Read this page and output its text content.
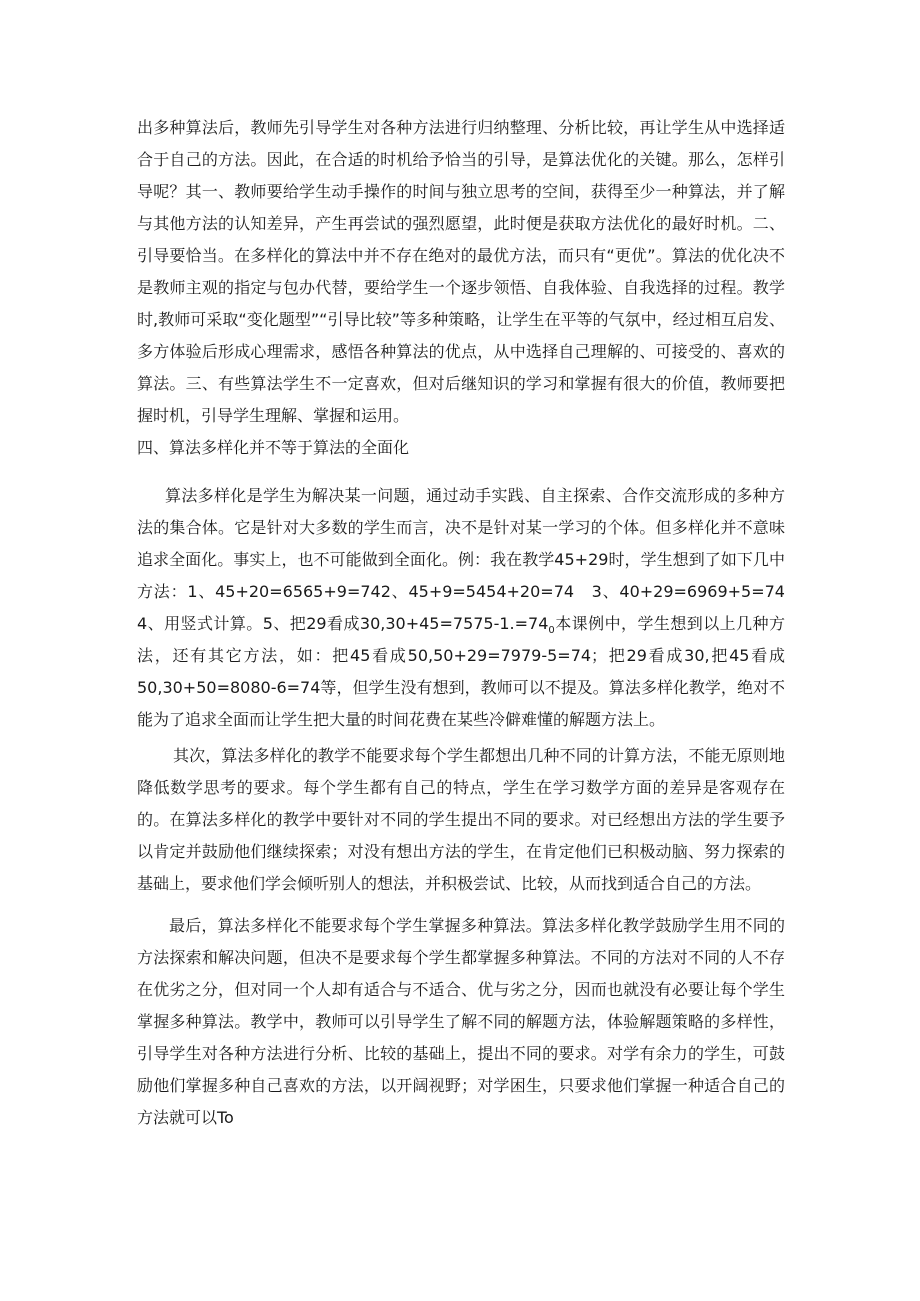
出多种算法后，教师先引导学生对各种方法进行归纳整理、分析比较，再让学生从中选择适合于自己的方法。因此，在合适的时机给予恰当的引导，是算法优化的关键。那么，怎样引导呢？其一、教师要给学生动手操作的时间与独立思考的空间，获得至少一种算法，并了解与其他方法的认知差异，产生再尝试的强烈愿望，此时便是获取方法优化的最好时机。二、引导要恰当。在多样化的算法中并不存在绝对的最优方法，而只有“更优”。算法的优化决不是教师主观的指定与包办代替，要给学生一个逐步领悟、自我体验、自我选择的过程。教学时,教师可采取“变化题型”“引导比较”等多种策略，让学生在平等的气氛中，经过相互启发、多方体验后形成心理需求，感悟各种算法的优点，从中选择自己理解的、可接受的、喜欢的算法。三、有些算法学生不一定喜欢，但对后继知识的学习和掌握有很大的价值，教师要把握时机，引导学生理解、掌握和运用。

四、算法多样化并不等于算法的全面化

算法多样化是学生为解决某一问题，通过动手实践、自主探索、合作交流形成的多种方法的集合体。它是针对大多数的学生而言，决不是针对某一学习的个体。但多样化并不意味追求全面化。事实上，也不可能做到全面化。例：我在教学45+29时，学生想到了如下几中方法：1、45+20=6565+9=742、45+9=5454+20=74　3、40+29=6969+5=74　4、用竖式计算。5、把29看成$30,30+45=7575-1.=74_0$本课例中，学生想到以上几种方法，还有其它方法，如：把45看成50,50+29=7979-5=74；把29看成30,把45看成50,30+50=8080-6=74等，但学生没有想到，教师可以不提及。算法多样化教学，绝对不能为了追求全面而让学生把大量的时间花费在某些冷僻难懂的解题方法上。

其次，算法多样化的教学不能要求每个学生都想出几种不同的计算方法，不能无原则地降低数学思考的要求。每个学生都有自己的特点，学生在学习数学方面的差异是客观存在的。在算法多样化的教学中要针对不同的学生提出不同的要求。对已经想出方法的学生要予以肯定并鼓励他们继续探索；对没有想出方法的学生，在肯定他们已积极动脑、努力探索的基础上，要求他们学会倾听别人的想法，并积极尝试、比较，从而找到适合自己的方法。

最后，算法多样化不能要求每个学生掌握多种算法。算法多样化教学鼓励学生用不同的方法探索和解决问题，但决不是要求每个学生都掌握多种算法。不同的方法对不同的人不存在优劣之分，但对同一个人却有适合与不适合、优与劣之分，因而也就没有必要让每个学生掌握多种算法。教学中，教师可以引导学生了解不同的解题方法，体验解题策略的多样性，引导学生对各种方法进行分析、比较的基础上，提出不同的要求。对学有余力的学生，可鼓励他们掌握多种自己喜欢的方法，以开阔视野；对学困生，只要求他们掌握一种适合自己的方法就可以To
